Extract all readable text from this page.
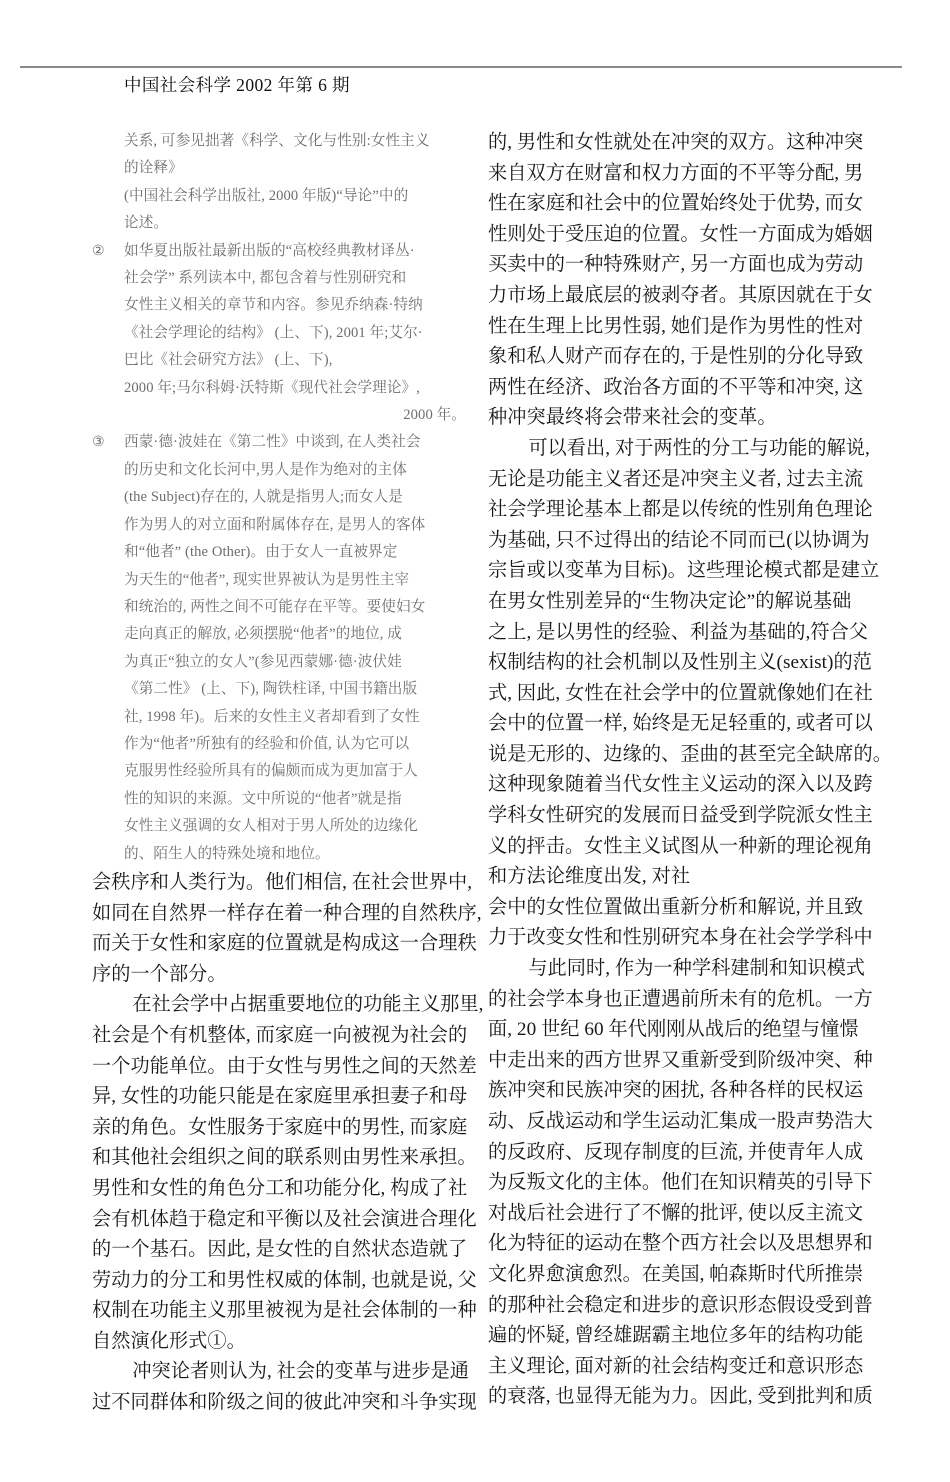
中国社会科学 2002 年第 6 期
关系, 可参见拙著《科学、文化与性别:女性主义
的诠释》
(中国社会科学出版社, 2000 年版)“导论”中的
论述。
②	如华夏出版社最新出版的“高校经典教材译丛·
社会学” 系列读本中, 都包含着与性别研究和
女性主义相关的章节和内容。参见乔纳森·特纳
《社会学理论的结构》 (上、下), 2001 年;艾尔·
巴比《社会研究方法》 (上、下),
2000 年;马尔科姆·沃特斯《现代社会学理论》,
2000 年。
③	西蒙·德·波娃在《第二性》中谈到, 在人类社会
的历史和文化长河中,男人是作为绝对的主体
(the Subject)存在的, 人就是指男人;而女人是
作为男人的对立面和附属体存在, 是男人的客体
和“他者” (the Other)。由于女人一直被界定
为天生的“他者”, 现实世界被认为是男性主宰
和统治的, 两性之间不可能存在平等。要使妇女
走向真正的解放, 必须摆脱“他者”的地位, 成
为真正“独立的女人”(参见西蒙娜·德·波伏娃
《第二性》 (上、下), 陶铁柱译, 中国书籍出版
社, 1998 年)。后来的女性主义者却看到了女性
作为“他者”所独有的经验和价值, 认为它可以
克服男性经验所具有的偏颇而成为更加富于人
性的知识的来源。文中所说的“他者”就是指
女性主义强调的女人相对于男人所处的边缘化
的、陌生人的特殊处境和地位。
会秩序和人类行为。他们相信, 在社会世界中,
如同在自然界一样存在着一种合理的自然秩序,
而关于女性和家庭的位置就是构成这一合理秩
序的一个部分。
在社会学中占据重要地位的功能主义那里,
社会是个有机整体, 而家庭一向被视为社会的
一个功能单位。由于女性与男性之间的天然差
异, 女性的功能只能是在家庭里承担妻子和母
亲的角色。女性服务于家庭中的男性, 而家庭
和其他社会组织之间的联系则由男性来承担。
男性和女性的角色分工和功能分化, 构成了社
会有机体趋于稳定和平衡以及社会演进合理化
的一个基石。因此, 是女性的自然状态造就了
劳动力的分工和男性权威的体制, 也就是说, 父
权制在功能主义那里被视为是社会体制的一种
自然演化形式①。
冲突论者则认为, 社会的变革与进步是通
过不同群体和阶级之间的彼此冲突和斗争实现
的, 男性和女性就处在冲突的双方。这种冲突
来自双方在财富和权力方面的不平等分配, 男
性在家庭和社会中的位置始终处于优势, 而女
性则处于受压迫的位置。女性一方面成为婚姻
买卖中的一种特殊财产, 另一方面也成为劳动
力市场上最底层的被剥夺者。其原因就在于女
性在生理上比男性弱, 她们是作为男性的性对
象和私人财产而存在的, 于是性别的分化导致
两性在经济、政治各方面的不平等和冲突, 这
种冲突最终将会带来社会的变革。
可以看出, 对于两性的分工与功能的解说,
无论是功能主义者还是冲突主义者, 过去主流
社会学理论基本上都是以传统的性别角色理论
为基础, 只不过得出的结论不同而已(以协调为
宗旨或以变革为目标)。这些理论模式都是建立
在男女性别差异的“生物决定论”的解说基础
之上, 是以男性的经验、利益为基础的,符合父
权制结构的社会机制以及性别主义(sexist)的范
式, 因此, 女性在社会学中的位置就像她们在社
会中的位置一样, 始终是无足轻重的, 或者可以
说是无形的、边缘的、歪曲的甚至完全缺席的。
这种现象随着当代女性主义运动的深入以及跨
学科女性研究的发展而日益受到学院派女性主
义的抨击。女性主义试图从一种新的理论视角
和方法论维度出发, 对社
会中的女性位置做出重新分析和解说, 并且致
力于改变女性和性别研究本身在社会学学科中
与此同时, 作为一种学科建制和知识模式
的社会学本身也正遭遇前所未有的危机。一方
面, 20 世纪 60 年代刚刚从战后的绝望与憧憬
中走出来的西方世界又重新受到阶级冲突、种
族冲突和民族冲突的困扰, 各种各样的民权运
动、反战运动和学生运动汇集成一股声势浩大
的反政府、反现存制度的巨流, 并使青年人成
为反叛文化的主体。他们在知识精英的引导下
对战后社会进行了不懈的批评, 使以反主流文
化为特征的运动在整个西方社会以及思想界和
文化界愈演愈烈。在美国, 帕森斯时代所推崇
的那种社会稳定和进步的意识形态假设受到普
遍的怀疑, 曾经雄踞霸主地位多年的结构功能
主义理论, 面对新的社会结构变迁和意识形态
的衰落, 也显得无能为力。因此, 受到批判和质
